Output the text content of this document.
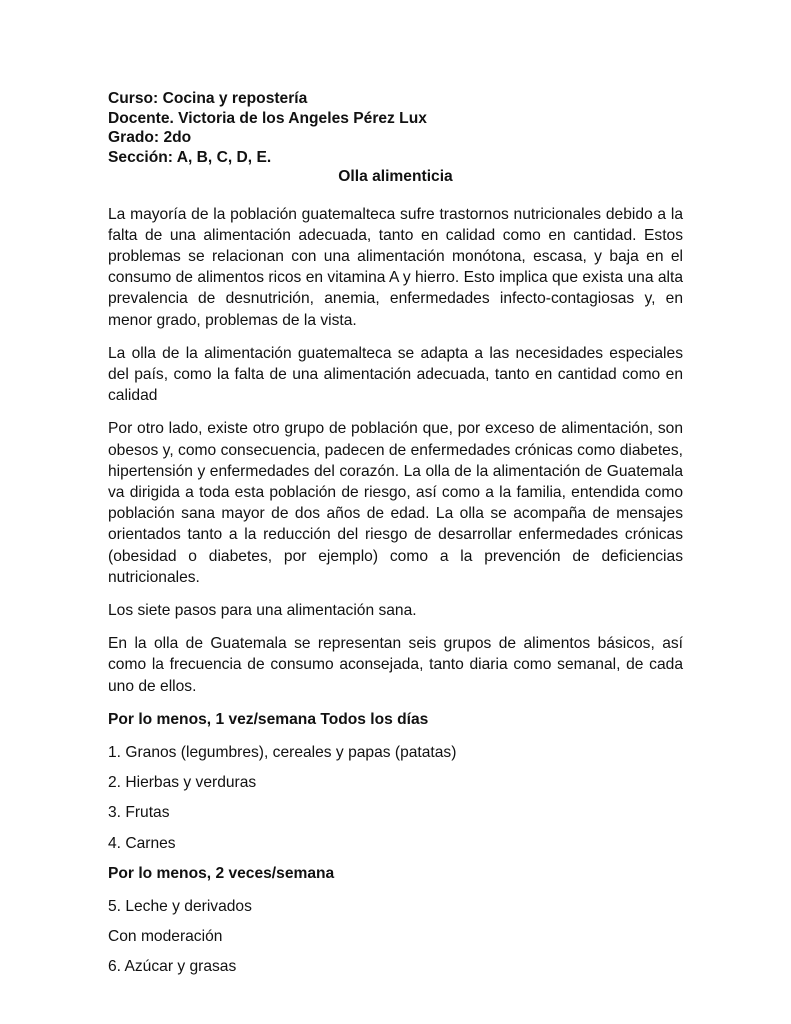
Curso: Cocina y repostería

Docente. Victoria de los Angeles Pérez Lux

Grado: 2do

Sección: A, B, C, D, E.

Olla alimenticia

La mayoría de la población guatemalteca sufre trastornos nutricionales debido a la falta de una alimentación adecuada, tanto en calidad como en cantidad. Estos problemas se relacionan con una alimentación monótona, escasa, y baja en el consumo de alimentos ricos en vitamina A y hierro. Esto implica que exista una alta prevalencia de desnutrición, anemia, enfermedades infecto-contagiosas y, en menor grado, problemas de la vista.

La olla de la alimentación guatemalteca se adapta a las necesidades especiales del país, como la falta de una alimentación adecuada, tanto en cantidad como en calidad

Por otro lado, existe otro grupo de población que, por exceso de alimentación, son obesos y, como consecuencia, padecen de enfermedades crónicas como diabetes, hipertensión y enfermedades del corazón. La olla de la alimentación de Guatemala va dirigida a toda esta población de riesgo, así como a la familia, entendida como población sana mayor de dos años de edad. La olla se acompaña de mensajes orientados tanto a la reducción del riesgo de desarrollar enfermedades crónicas (obesidad o diabetes, por ejemplo) como a la prevención de deficiencias nutricionales.

Los siete pasos para una alimentación sana.

En la olla de Guatemala se representan seis grupos de alimentos básicos, así como la frecuencia de consumo aconsejada, tanto diaria como semanal, de cada uno de ellos.

Por lo menos, 1 vez/semana Todos los días

1. Granos (legumbres), cereales y papas (patatas)

2. Hierbas y verduras

3. Frutas

4. Carnes

Por lo menos, 2 veces/semana

5. Leche y derivados

Con moderación

6. Azúcar y grasas
